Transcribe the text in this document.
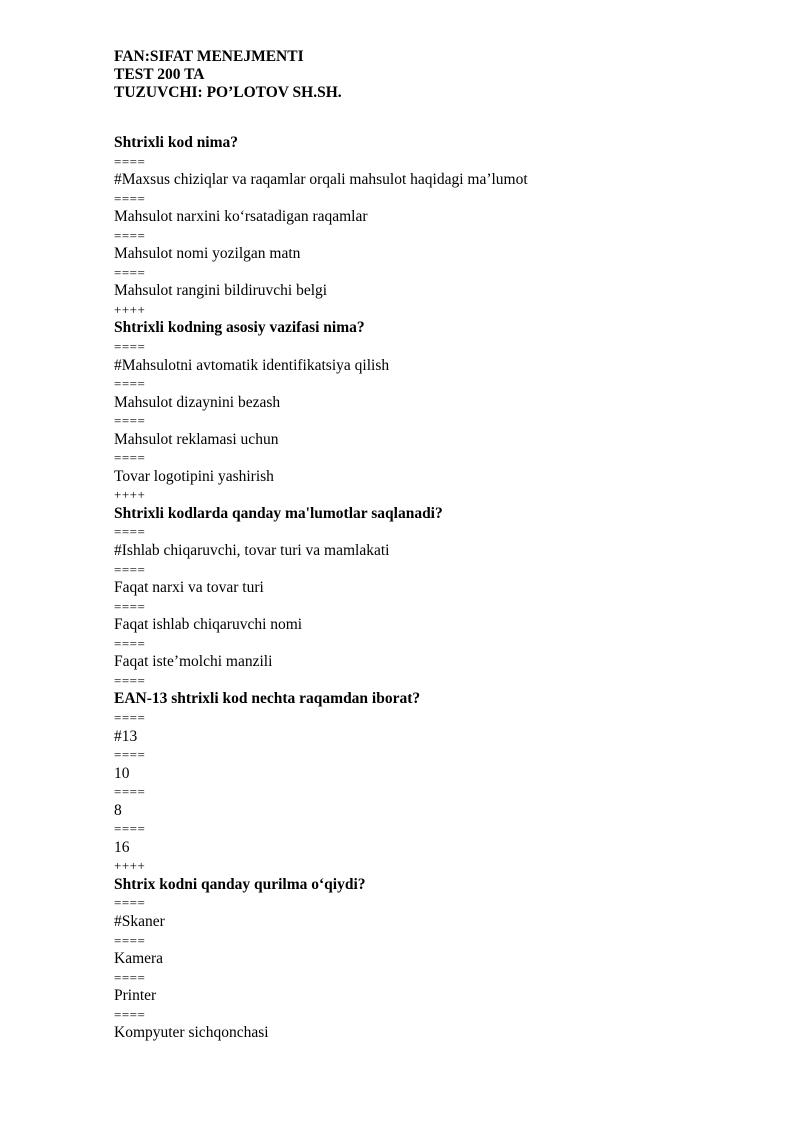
FAN:SIFAT MENEJMENTI
TEST 200 TA
TUZUVCHI: PO’LOTOV SH.SH.
Shtrixli kod nima?
====
#Maxsus chiziqlar va raqamlar orqali mahsulot haqidagi ma’lumot
====
Mahsulot narxini ko‘rsatadigan raqamlar
====
Mahsulot nomi yozilgan matn
====
Mahsulot rangini bildiruvchi belgi
++++
Shtrixli kodning asosiy vazifasi nima?
====
#Mahsulotni avtomatik identifikatsiya qilish
====
Mahsulot dizaynini bezash
====
Mahsulot reklamasi uchun
====
Tovar logotipini yashirish
++++
Shtrixli kodlarda qanday ma'lumotlar saqlanadi?
====
#Ishlab chiqaruvchi, tovar turi va mamlakati
====
Faqat narxi va tovar turi
====
Faqat ishlab chiqaruvchi nomi
====
Faqat iste’molchi manzili
====
EAN-13 shtrixli kod nechta raqamdan iborat?
====
#13
====
10
====
8
====
16
++++
Shtrix kodni qanday qurilma o‘qiydi?
====
#Skaner
====
Kamera
====
Printer
====
Kompyuter sichqonchasi
